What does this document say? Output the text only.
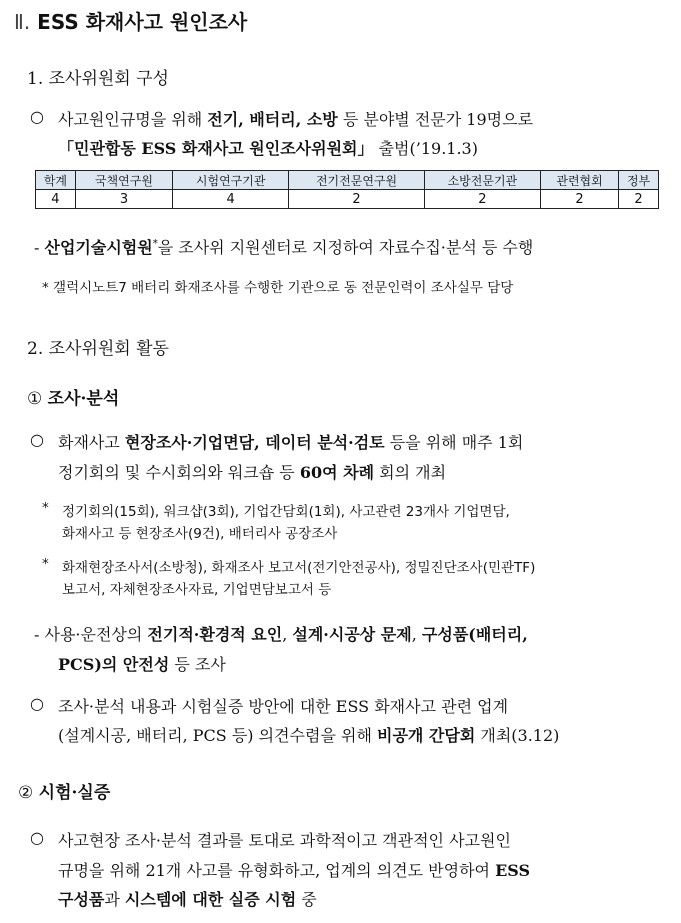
Ⅱ. ESS 화재사고 원인조사
1. 조사위원회 구성
○ 사고원인규명을 위해 전기, 배터리, 소방 등 분야별 전문가 19명으로
「민관합동 ESS 화재사고 원인조사위원회」 출범(’19.1.3)
학계	국책연구원	시험연구기관	전기전문연구원	소방전문기관	관련협회	정부
4	3	4	2	2	2	2
- 산업기술시험원*을 조사위 지원센터로 지정하여 자료수집·분석 등 수행
* 갤럭시노트7 배터리 화재조사를 수행한 기관으로 동 전문인력이 조사실무 담당
2. 조사위원회 활동
① 조사·분석
○ 화재사고 현장조사·기업면담, 데이터 분석·검토 등을 위해 매주 1회
정기회의 및 수시회의와 워크숍 등 60여 차례 회의 개최
* 정기회의(15회), 워크샵(3회), 기업간담회(1회), 사고관련 23개사 기업면담,
화재사고 등 현장조사(9건), 배터리사 공장조사
* 화재현장조사서(소방청), 화재조사 보고서(전기안전공사), 정밀진단조사(민관TF)
보고서, 자체현장조사자료, 기업면담보고서 등
- 사용·운전상의 전기적·환경적 요인, 설계·시공상 문제, 구성품(배터리,
PCS)의 안전성 등 조사
○ 조사·분석 내용과 시험실증 방안에 대한 ESS 화재사고 관련 업계
(설계시공, 배터리, PCS 등) 의견수렴을 위해 비공개 간담회 개최(3.12)
② 시험·실증
○ 사고현장 조사·분석 결과를 토대로 과학적이고 객관적인 사고원인
규명을 위해 21개 사고를 유형화하고, 업계의 의견도 반영하여 ESS
구성품과 시스템에 대한 실증 시험 중
